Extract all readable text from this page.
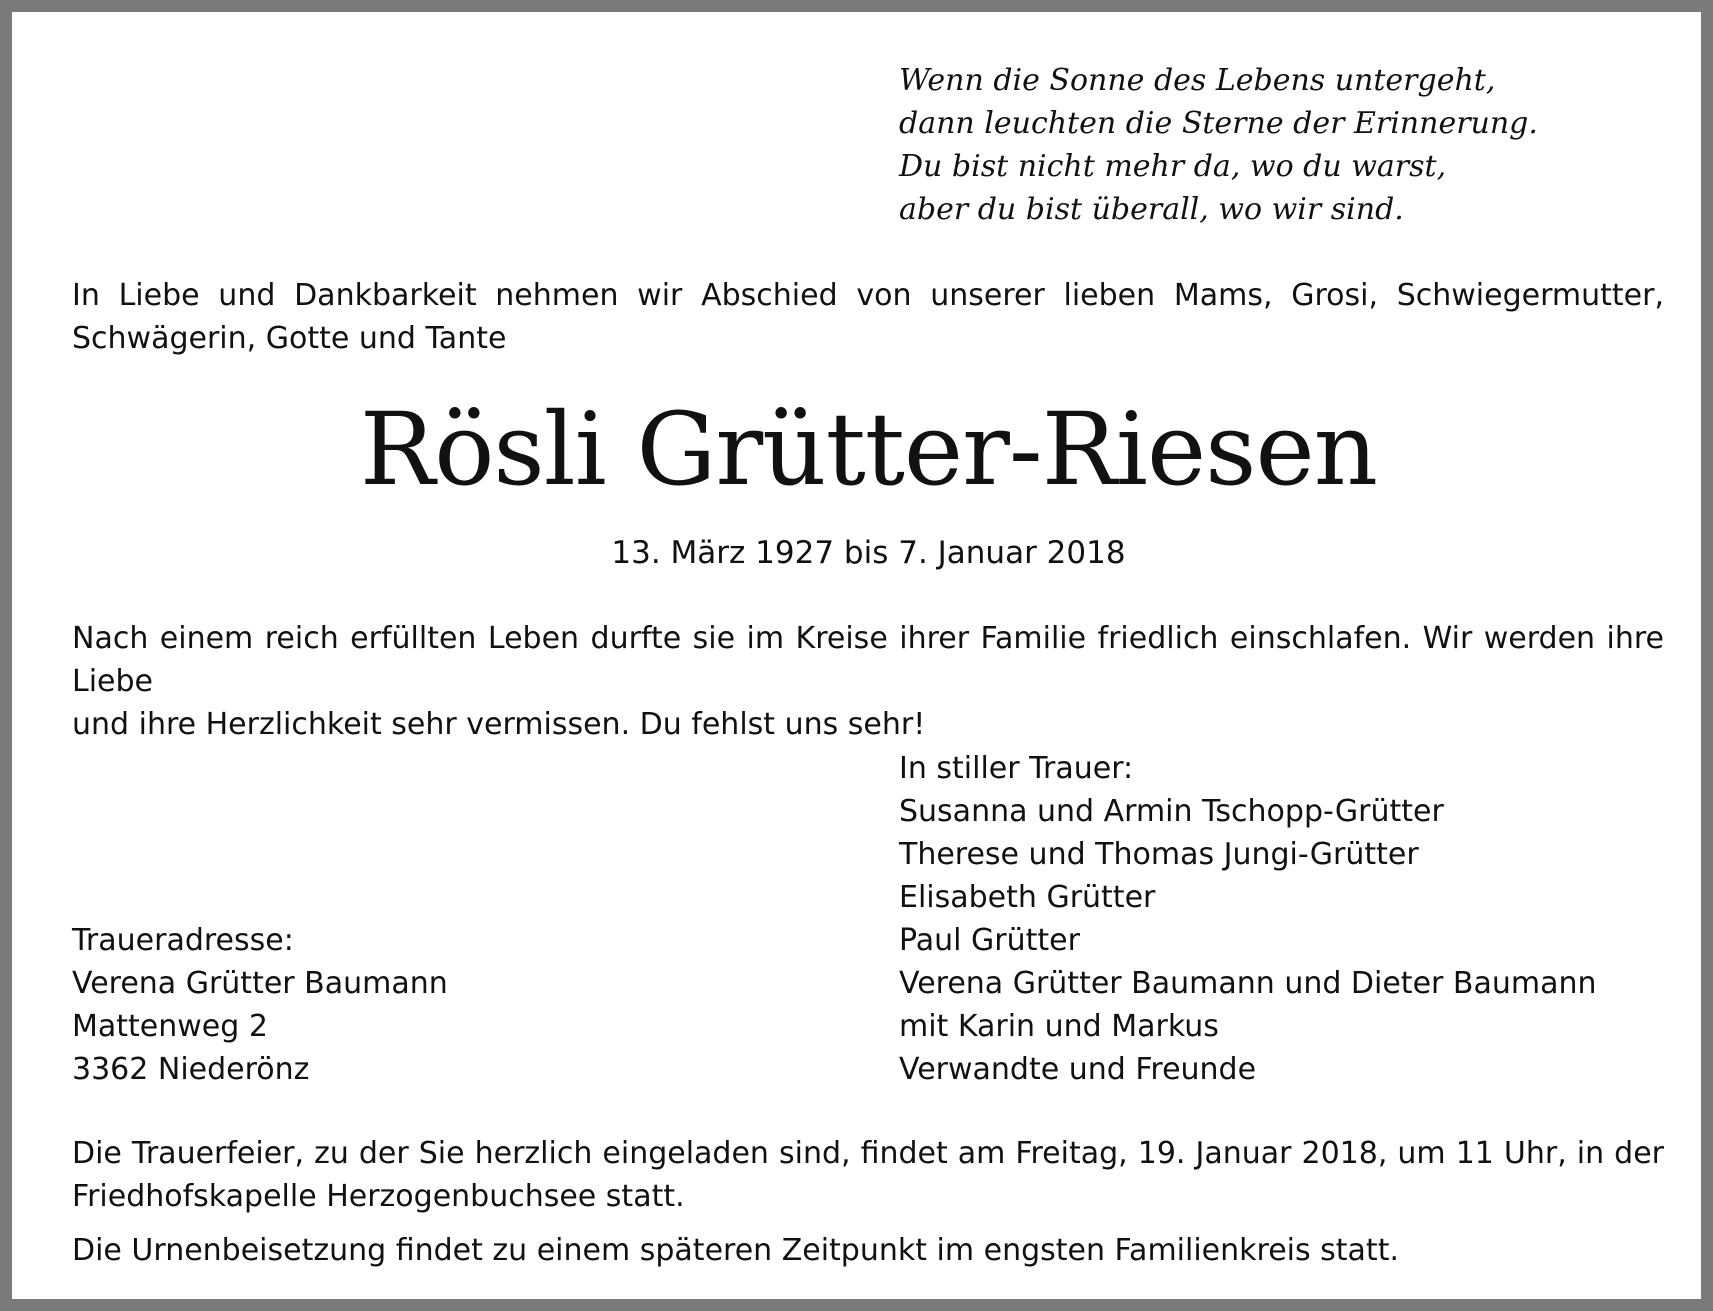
Wenn die Sonne des Lebens untergeht,
dann leuchten die Sterne der Erinnerung.
Du bist nicht mehr da, wo du warst,
aber du bist überall, wo wir sind.
In Liebe und Dankbarkeit nehmen wir Abschied von unserer lieben Mams, Grosi, Schwiegermutter,
Schwägerin, Gotte und Tante
Rösli Grütter-Riesen
13. März 1927 bis 7. Januar 2018
Nach einem reich erfüllten Leben durfte sie im Kreise ihrer Familie friedlich einschlafen. Wir werden ihre Liebe
und ihre Herzlichkeit sehr vermissen. Du fehlst uns sehr!
In stiller Trauer:
Susanna und Armin Tschopp-Grütter
Therese und Thomas Jungi-Grütter
Elisabeth Grütter
Paul Grütter
Verena Grütter Baumann und Dieter Baumann
mit Karin und Markus
Verwandte und Freunde
Traueradresse:
Verena Grütter Baumann
Mattenweg 2
3362 Niederönz
Die Trauerfeier, zu der Sie herzlich eingeladen sind, findet am Freitag, 19. Januar 2018, um 11 Uhr, in der
Friedhofskapelle Herzogenbuchsee statt.
Die Urnenbeisetzung findet zu einem späteren Zeitpunkt im engsten Familienkreis statt.
